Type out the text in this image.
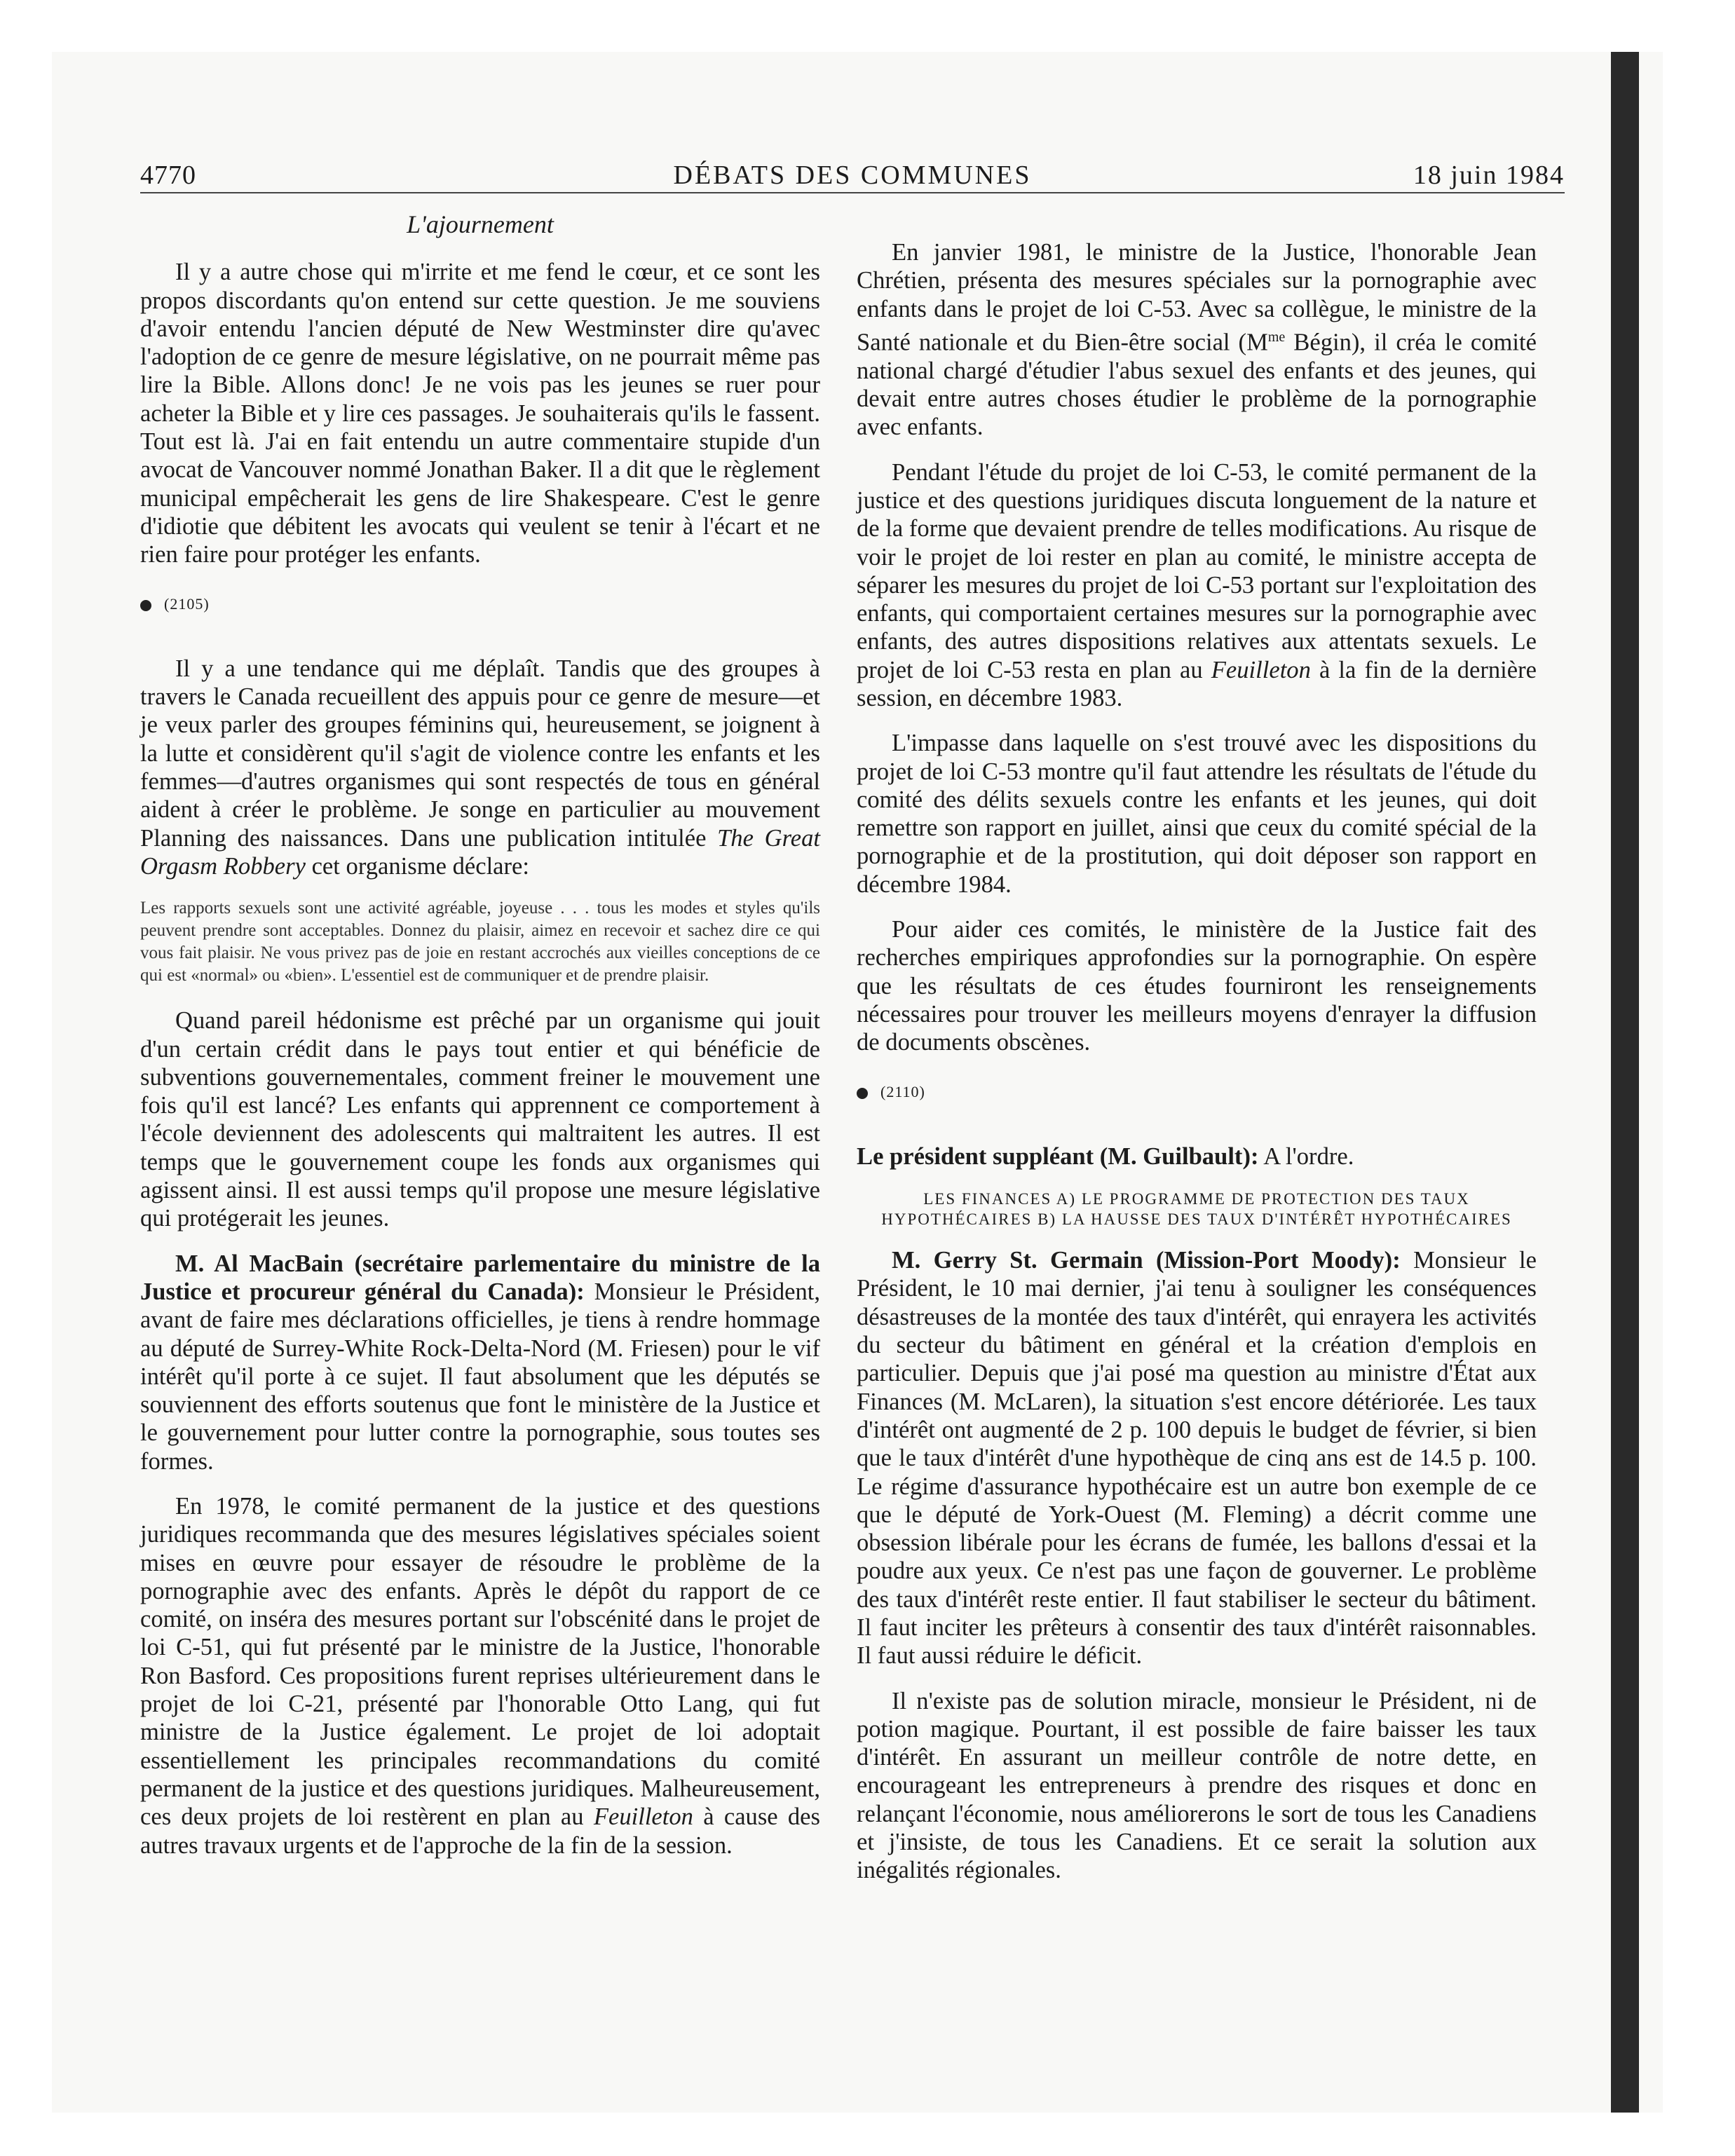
4770	DÉBATS DES COMMUNES	18 juin 1984
L'ajournement

Il y a autre chose qui m'irrite et me fend le cœur, et ce sont les propos discordants qu'on entend sur cette question. Je me souviens d'avoir entendu l'ancien député de New Westminster dire qu'avec l'adoption de ce genre de mesure législative, on ne pourrait même pas lire la Bible. Allons donc! Je ne vois pas les jeunes se ruer pour acheter la Bible et y lire ces passages. Je souhaiterais qu'ils le fassent. Tout est là. J'ai en fait entendu un autre commentaire stupide d'un avocat de Vancouver nommé Jonathan Baker. Il a dit que le règlement municipal empêcherait les gens de lire Shakespeare. C'est le genre d'idiotie que débitent les avocats qui veulent se tenir à l'écart et ne rien faire pour protéger les enfants.

(2105)

Il y a une tendance qui me déplaît. Tandis que des groupes à travers le Canada recueillent des appuis pour ce genre de mesure—et je veux parler des groupes féminins qui, heureusement, se joignent à la lutte et considèrent qu'il s'agit de violence contre les enfants et les femmes—d'autres organismes qui sont respectés de tous en général aident à créer le problème. Je songe en particulier au mouvement Planning des naissances. Dans une publication intitulée The Great Orgasm Robbery cet organisme déclare:

Les rapports sexuels sont une activité agréable, joyeuse . . . tous les modes et styles qu'ils peuvent prendre sont acceptables. Donnez du plaisir, aimez en recevoir et sachez dire ce qui vous fait plaisir. Ne vous privez pas de joie en restant accrochés aux vieilles conceptions de ce qui est «normal» ou «bien». L'essentiel est de communiquer et de prendre plaisir.

Quand pareil hédonisme est prêché par un organisme qui jouit d'un certain crédit dans le pays tout entier et qui bénéficie de subventions gouvernementales, comment freiner le mouvement une fois qu'il est lancé? Les enfants qui apprennent ce comportement à l'école deviennent des adolescents qui maltraitent les autres. Il est temps que le gouvernement coupe les fonds aux organismes qui agissent ainsi. Il est aussi temps qu'il propose une mesure législative qui protégerait les jeunes.

M. Al MacBain (secrétaire parlementaire du ministre de la Justice et procureur général du Canada): Monsieur le Président, avant de faire mes déclarations officielles, je tiens à rendre hommage au député de Surrey-White Rock-Delta-Nord (M. Friesen) pour le vif intérêt qu'il porte à ce sujet. Il faut absolument que les députés se souviennent des efforts soutenus que font le ministère de la Justice et le gouvernement pour lutter contre la pornographie, sous toutes ses formes.

En 1978, le comité permanent de la justice et des questions juridiques recommanda que des mesures législatives spéciales soient mises en œuvre pour essayer de résoudre le problème de la pornographie avec des enfants. Après le dépôt du rapport de ce comité, on inséra des mesures portant sur l'obscénité dans le projet de loi C-51, qui fut présenté par le ministre de la Justice, l'honorable Ron Basford. Ces propositions furent reprises ultérieurement dans le projet de loi C-21, présenté par l'honorable Otto Lang, qui fut ministre de la Justice également. Le projet de loi adoptait essentiellement les principales recommandations du comité permanent de la justice et des questions juridiques. Malheureusement, ces deux projets de loi restèrent en plan au Feuilleton à cause des autres travaux urgents et de l'approche de la fin de la session.

En janvier 1981, le ministre de la Justice, l'honorable Jean Chrétien, présenta des mesures spéciales sur la pornographie avec enfants dans le projet de loi C-53. Avec sa collègue, le ministre de la Santé nationale et du Bien-être social ($M^{me}$ Bégin), il créa le comité national chargé d'étudier l'abus sexuel des enfants et des jeunes, qui devait entre autres choses étudier le problème de la pornographie avec enfants.

Pendant l'étude du projet de loi C-53, le comité permanent de la justice et des questions juridiques discuta longuement de la nature et de la forme que devaient prendre de telles modifications. Au risque de voir le projet de loi rester en plan au comité, le ministre accepta de séparer les mesures du projet de loi C-53 portant sur l'exploitation des enfants, qui comportaient certaines mesures sur la pornographie avec enfants, des autres dispositions relatives aux attentats sexuels. Le projet de loi C-53 resta en plan au Feuilleton à la fin de la dernière session, en décembre 1983.

L'impasse dans laquelle on s'est trouvé avec les dispositions du projet de loi C-53 montre qu'il faut attendre les résultats de l'étude du comité des délits sexuels contre les enfants et les jeunes, qui doit remettre son rapport en juillet, ainsi que ceux du comité spécial de la pornographie et de la prostitution, qui doit déposer son rapport en décembre 1984.

Pour aider ces comités, le ministère de la Justice fait des recherches empiriques approfondies sur la pornographie. On espère que les résultats de ces études fourniront les renseignements nécessaires pour trouver les meilleurs moyens d'enrayer la diffusion de documents obscènes.

(2110)

Le président suppléant (M. Guilbault): A l'ordre.

LES FINANCES A) LE PROGRAMME DE PROTECTION DES TAUX HYPOTHÉCAIRES B) LA HAUSSE DES TAUX D'INTÉRÊT HYPOTHÉCAIRES

M. Gerry St. Germain (Mission-Port Moody): Monsieur le Président, le 10 mai dernier, j'ai tenu à souligner les conséquences désastreuses de la montée des taux d'intérêt, qui enrayera les activités du secteur du bâtiment en général et la création d'emplois en particulier. Depuis que j'ai posé ma question au ministre d'État aux Finances (M. McLaren), la situation s'est encore détériorée. Les taux d'intérêt ont augmenté de 2 p. 100 depuis le budget de février, si bien que le taux d'intérêt d'une hypothèque de cinq ans est de 14.5 p. 100. Le régime d'assurance hypothécaire est un autre bon exemple de ce que le député de York-Ouest (M. Fleming) a décrit comme une obsession libérale pour les écrans de fumée, les ballons d'essai et la poudre aux yeux. Ce n'est pas une façon de gouverner. Le problème des taux d'intérêt reste entier. Il faut stabiliser le secteur du bâtiment. Il faut inciter les prêteurs à consentir des taux d'intérêt raisonnables. Il faut aussi réduire le déficit.

Il n'existe pas de solution miracle, monsieur le Président, ni de potion magique. Pourtant, il est possible de faire baisser les taux d'intérêt. En assurant un meilleur contrôle de notre dette, en encourageant les entrepreneurs à prendre des risques et donc en relançant l'économie, nous améliorerons le sort de tous les Canadiens et j'insiste, de tous les Canadiens. Et ce serait la solution aux inégalités régionales.
